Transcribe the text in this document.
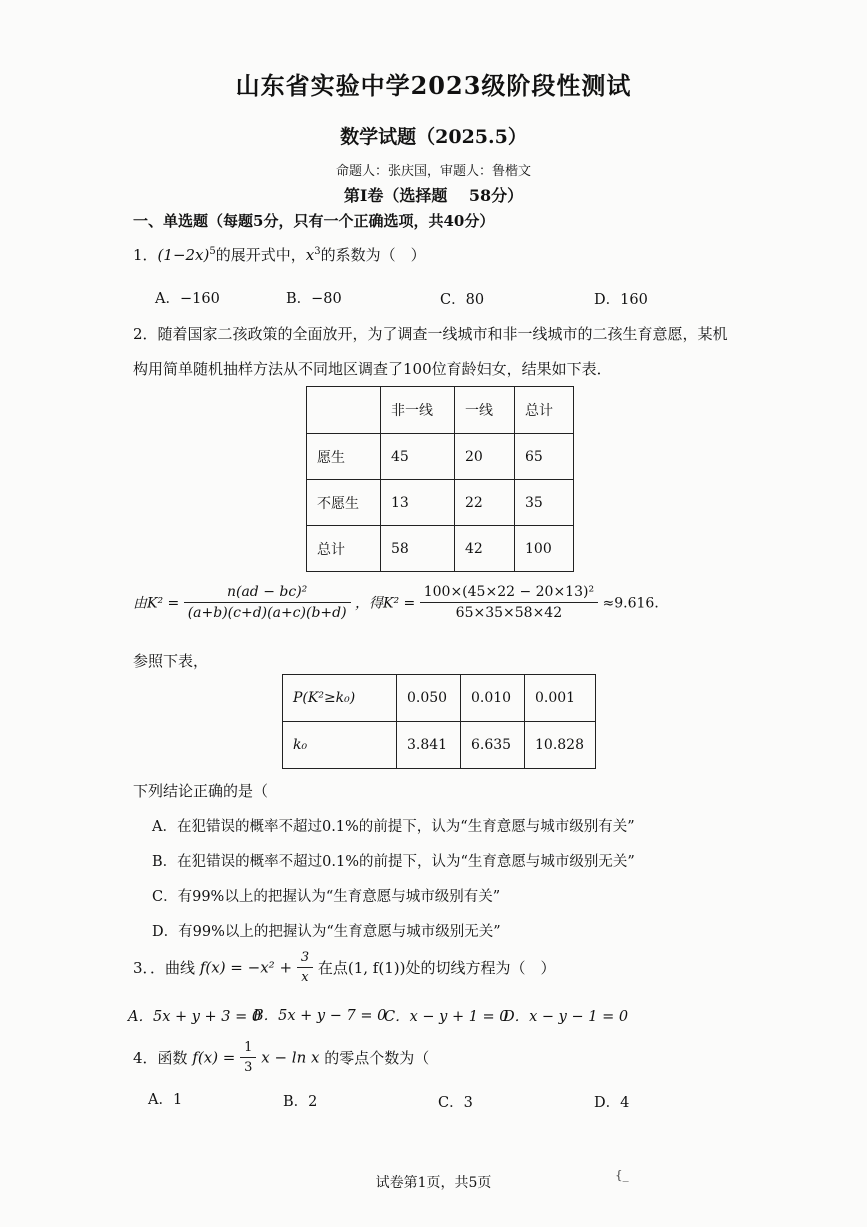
山东省实验中学2023级阶段性测试
数学试题（2025.5）
命题人：张庆国，审题人：鲁楷文
第Ⅰ卷（选择题　 58分）
一、单选题（每题5分，只有一个正确选项，共40分）
1．$(1-2x)^5$的展开式中，$x^3$的系数为（　）
A．−160	B．−80	C．80	D．160
2．随着国家二孩政策的全面放开，为了调查一线城市和非一线城市的二孩生育意愿，某机
构用简单随机抽样方法从不同地区调查了100位育龄妇女，结果如下表．
	非一线	一线	总计
愿生	45	20	65
不愿生	13	22	35
总计	58	42	100
由$K^2 = \frac{\text{n(ad − bc)²}}{(a+b)(c+d)(a+c)(b+d)}$ ，得$K^2 = \frac{\text{100×(45×22 − 20×13)²}}{65\times 35\times 58\times 42} \approx 9.616$．
参照下表，
P(K²≥k₀)	0.050	0.010	0.001
k₀	3.841	6.635	10.828
下列结论正确的是（
A．在犯错误的概率不超过0.1%的前提下，认为“生育意愿与城市级别有关”
B．在犯错误的概率不超过0.1%的前提下，认为“生育意愿与城市级别无关”
C．有99%以上的把握认为“生育意愿与城市级别有关”
D．有99%以上的把握认为“生育意愿与城市级别无关”
3．．曲线 $f(x) = -x^2 + \frac{3}{x}$ 在点(1, f(1))处的切线方程为（　）
A．5x + y + 3 = 0
B．5x + y − 7 = 0
C．x − y + 1 = 0
D．x − y − 1 = 0
4．函数 $f(x) = \frac{1}{3}$ x − ln x 的零点个数为（
A．1	B．2	C．3	D．4
试卷第1页，共5页	{_
